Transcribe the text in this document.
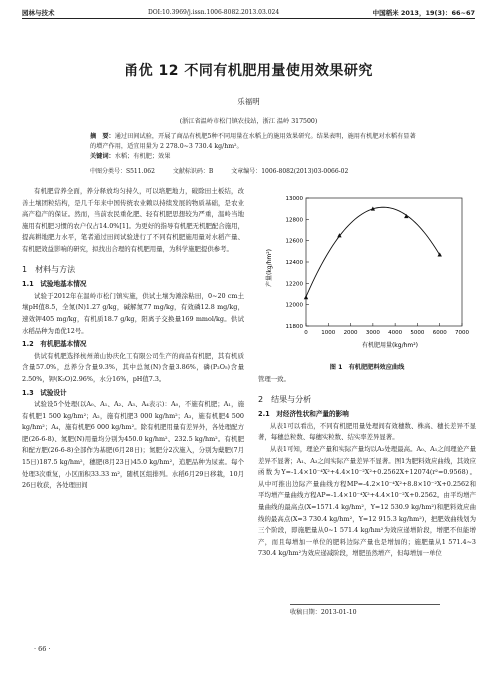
园林与技术	DOI:10.3969/j.issn.1006-8082.2013.03.024	中国稻米 2013，19(3)：66~67
甬优 12 不同有机肥用量使用效果研究
乐福明
(浙江省温岭市松门镇农技站，浙江 温岭 317500)
摘　要：通过田间试验，开展了商品有机肥5种不同用量在水稻上的施用效果研究。结果表明，施用有机肥对水稻有显著的增产作用，适宜用量为 2 278.0~3 730.4 kg/hm²。
关键词：水稻；有机肥；效果
中图分类号：S511.062	文献标识码：B	文章编号：1006-8082(2013)03-0066-02

有机肥营养全面，养分释放均匀持久，可以培肥地力，破除田土板结，改善土壤团粒结构，是几千年来中国传统农业赖以持续发展的物质基础，是农业高产稳产的保证。然而，当前农民重化肥、轻有机肥思想较为严重，温岭当地施用有机肥习惯的农户仅占14.0%[1]。为更好的指导有机肥无机肥配合施用，提高耕地肥力水平，笔者通过田间试验进行了不同有机肥施用量对水稻产量、有机肥效益影响的研究，拟找出合理的有机肥用量，为科学施肥提供参考。

1　材料与方法
1.1　试验地基本情况

试验于2012年在温岭市松门镇实施，供试土壤为滩涂粘田，0~20 cm土壤pH值8.5，全氮(N)1.27 g/kg，碱解氮77 mg/kg，有效磷12.8 mg/kg，速效钾405 mg/kg，有机质18.7 g/kg，阳离子交换量169 mmol/kg。供试水稻品种为甬优12号。

1.2　有机肥基本情况

供试有机肥选择杭州萧山协庆化工有限公司生产的商品有机肥，其有机质含量57.0%，总养分含量9.3%，其中总氮(N)含量3.86%，磷(P₂O₅)含量2.50%，钾(K₂O)2.96%，水分16%，pH值7.3。

1.3　试验设计

试验设5个处理(以A₀、A₁、A₂、A₃、A₄表示)：A₀，不施有机肥；A₁，施有机肥1 500 kg/hm²；A₂，施有机肥3 000 kg/hm²；A₃，施有机肥4 500 kg/hm²；A₄，施有机肥6 000 kg/hm²。除有机肥用量有差异外，各处理配方肥(26-6-8)、氮肥(N)用量均分别为450.0 kg/hm²、232.5 kg/hm²。有机肥和配方肥(26-6-8)全部作为基肥(6月28日)；氮肥分2次施入，分别为蘖肥(7月15日)187.5 kg/hm²，穗肥(8月23日)45.0 kg/hm²，追肥品种为尿素。每个处理3次重复，小区面积33.33 m²，随机区组排列。水稻6月29日移栽，10月26日收获，各处理田间

11800
12000
12200
12400
12600
12800
13000
0 1000 2000 3000 4000 5000 6000 7000
产量(kg/hm²)
有机肥用量(kg/hm²)
图 1　有机肥肥料效应曲线

管理一致。

2　结果与分析
2.1　对经济性状和产量的影响

从表1可以看出，不同有机肥用量处理间有效穗数、株高、穗长差异不显著，每穗总粒数、每穗实粒数、结实率差异显著。

从表1可知，理论产量和实际产量均以A₂处理最高。A₀、A₁之间理论产量差异不显著；A₁、A₃之间实际产量差异不显著。图1为肥料效应曲线，其效应函数为Y=-1.4×10⁻⁴X²+4.4×10⁻²X²+0.2562X+12074(r²=0.9568)。从中可推出边际产量曲线方程MP=-4.2×10⁻⁴X²+8.8×10⁻²X+0.2562和平均增产量曲线方程AP=-1.4×10⁻⁴X²+4.4×10⁻²X+0.2562。由平均增产量曲线的最高点(X=1571.4 kg/hm²，Y=12 530.9 kg/hm²)和肥料效应曲线的最高点(X=3 730.4 kg/hm²，Y=12 915.3 kg/hm²)，把肥效曲线划为三个阶段，即施肥量从0~1 571.4 kg/hm²为效应递增阶段，增肥不但能增产，而且每增加一单位的肥料边际产量也是增加的；施肥量从1 571.4~3 730.4 kg/hm²为效应递减阶段，增肥虽然增产，但每增加一单位

收稿日期：2013-01-10
· 66 ·
